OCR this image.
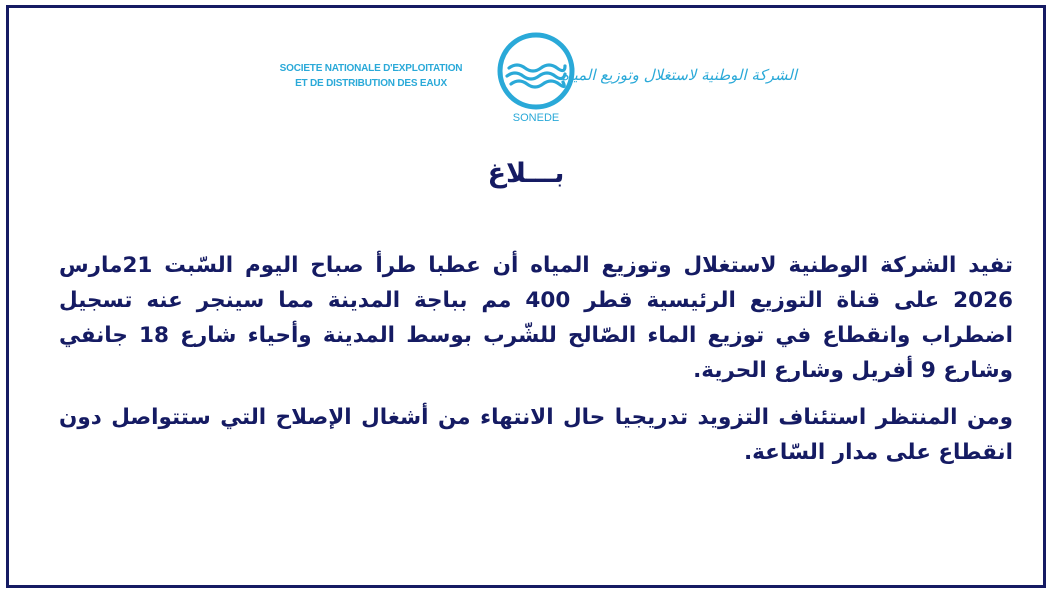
SOCIETE NATIONALE D'EXPLOITATION
ET DE DISTRIBUTION DES EAUX
SONEDE
الشركة الوطنية لاستغلال وتوزيع المياه
بـــلاغ

تفيد الشركة الوطنية لاستغلال وتوزيع المياه أن عطبا طرأ صباح اليوم السّبت 21مارس 2026 على قناة التوزيع الرئيسية قطر 400 مم بباجة المدينة مما سينجر عنه تسجيل اضطراب وانقطاع في توزيع الماء الصّالح للشّرب بوسط المدينة وأحياء شارع 18 جانفي وشارع 9 أفريل وشارع الحرية.

ومن المنتظر استئناف التزويد تدريجيا حال الانتهاء من أشغال الإصلاح التي ستتواصل دون انقطاع على مدار السّاعة.
